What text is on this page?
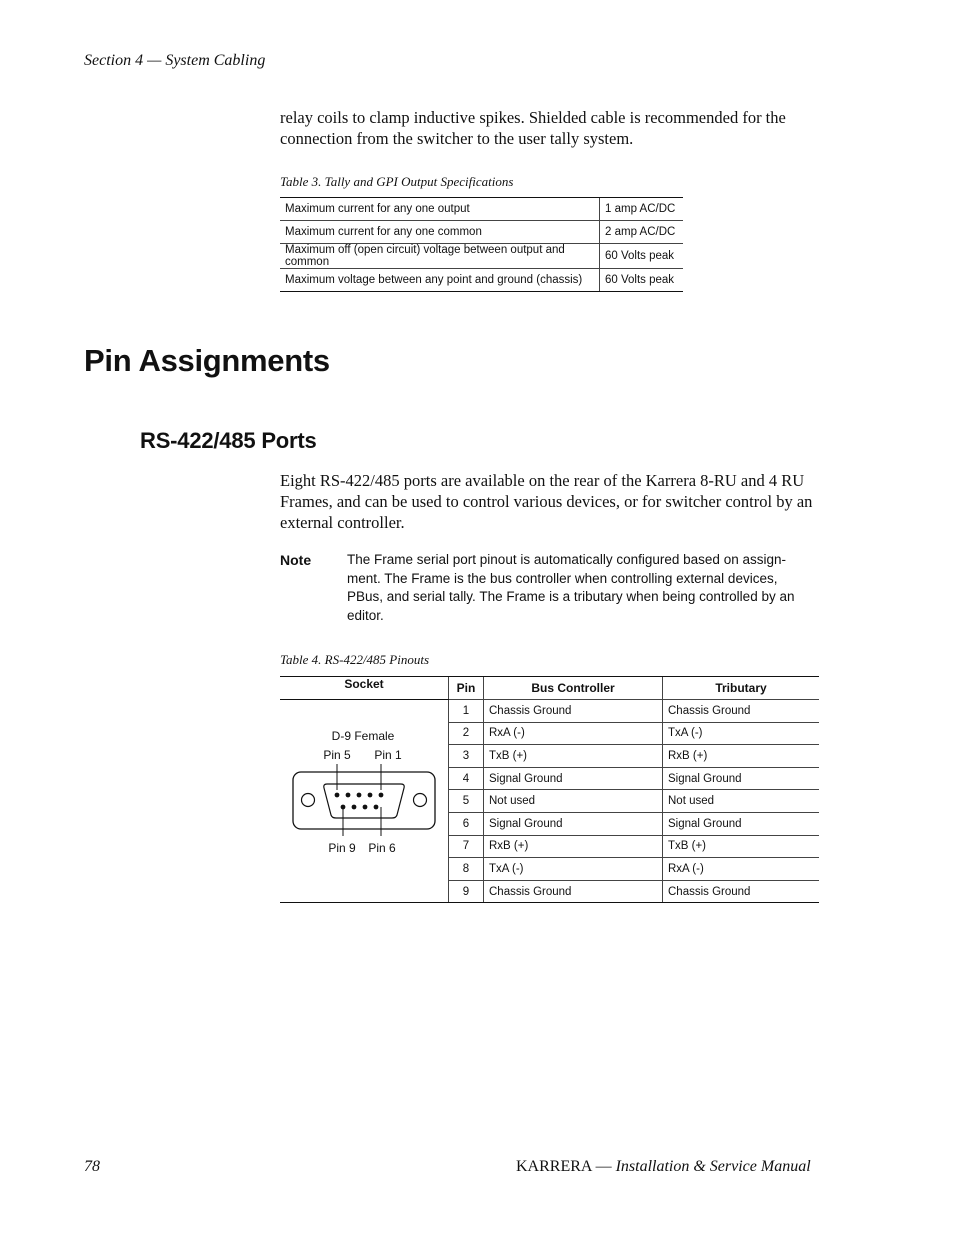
Section 4 — System Cabling
relay coils to clamp inductive spikes. Shielded cable is recommended for the connection from the switcher to the user tally system.
Table 3. Tally and GPI Output Specifications
Maximum current for any one output	1 amp AC/DC
Maximum current for any one common	2 amp AC/DC
Maximum off (open circuit) voltage between output and common	60 Volts peak
Maximum voltage between any point and ground (chassis)	60 Volts peak
Pin Assignments
RS-422/485 Ports
Eight RS-422/485 ports are available on the rear of the Karrera 8-RU and 4 RU Frames, and can be used to control various devices, or for switcher control by an external controller.
Note	The Frame serial port pinout is automatically configured based on assign-ment. The Frame is the bus controller when controlling external devices, PBus, and serial tally. The Frame is a tributary when being controlled by an editor.
Table 4. RS-422/485 Pinouts
Socket	Pin	Bus Controller	Tributary

D-9 Female
Pin 5 Pin 1
Pin 9 Pin 6	1	Chassis Ground	Chassis Ground
	2	RxA (-)	TxA (-)
	3	TxB (+)	RxB (+)
	4	Signal Ground	Signal Ground
	5	Not used	Not used
	6	Signal Ground	Signal Ground
	7	RxB (+)	TxB (+)
	8	TxA (-)	RxA (-)
	9	Chassis Ground	Chassis Ground
78	KARRERA — Installation & Service Manual
